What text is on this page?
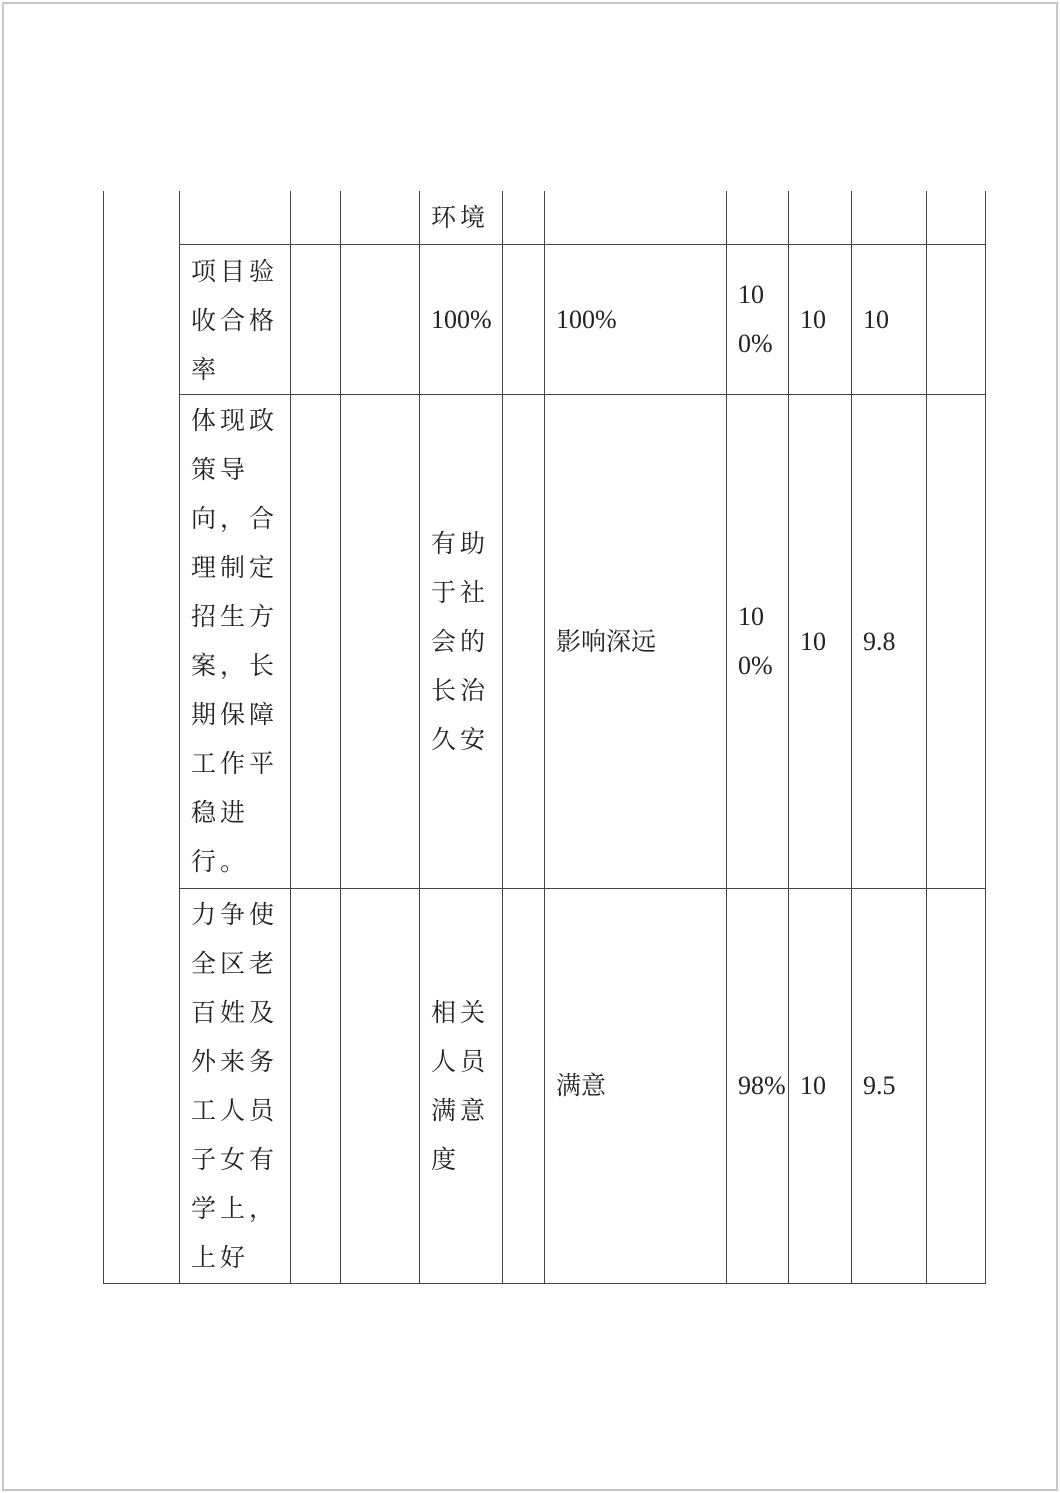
				环境						
	项目验收合格率			100%		100%	100%	10	10	
	体现政策导向，合理制定招生方案，长期保障工作平稳进行。			有助于社会的长治久安		影响深远	100%	10	9.8	
	力争使全区老百姓及外来务工人员子女有学上，上好			相关人员满意度		满意	98%	10	9.5	
